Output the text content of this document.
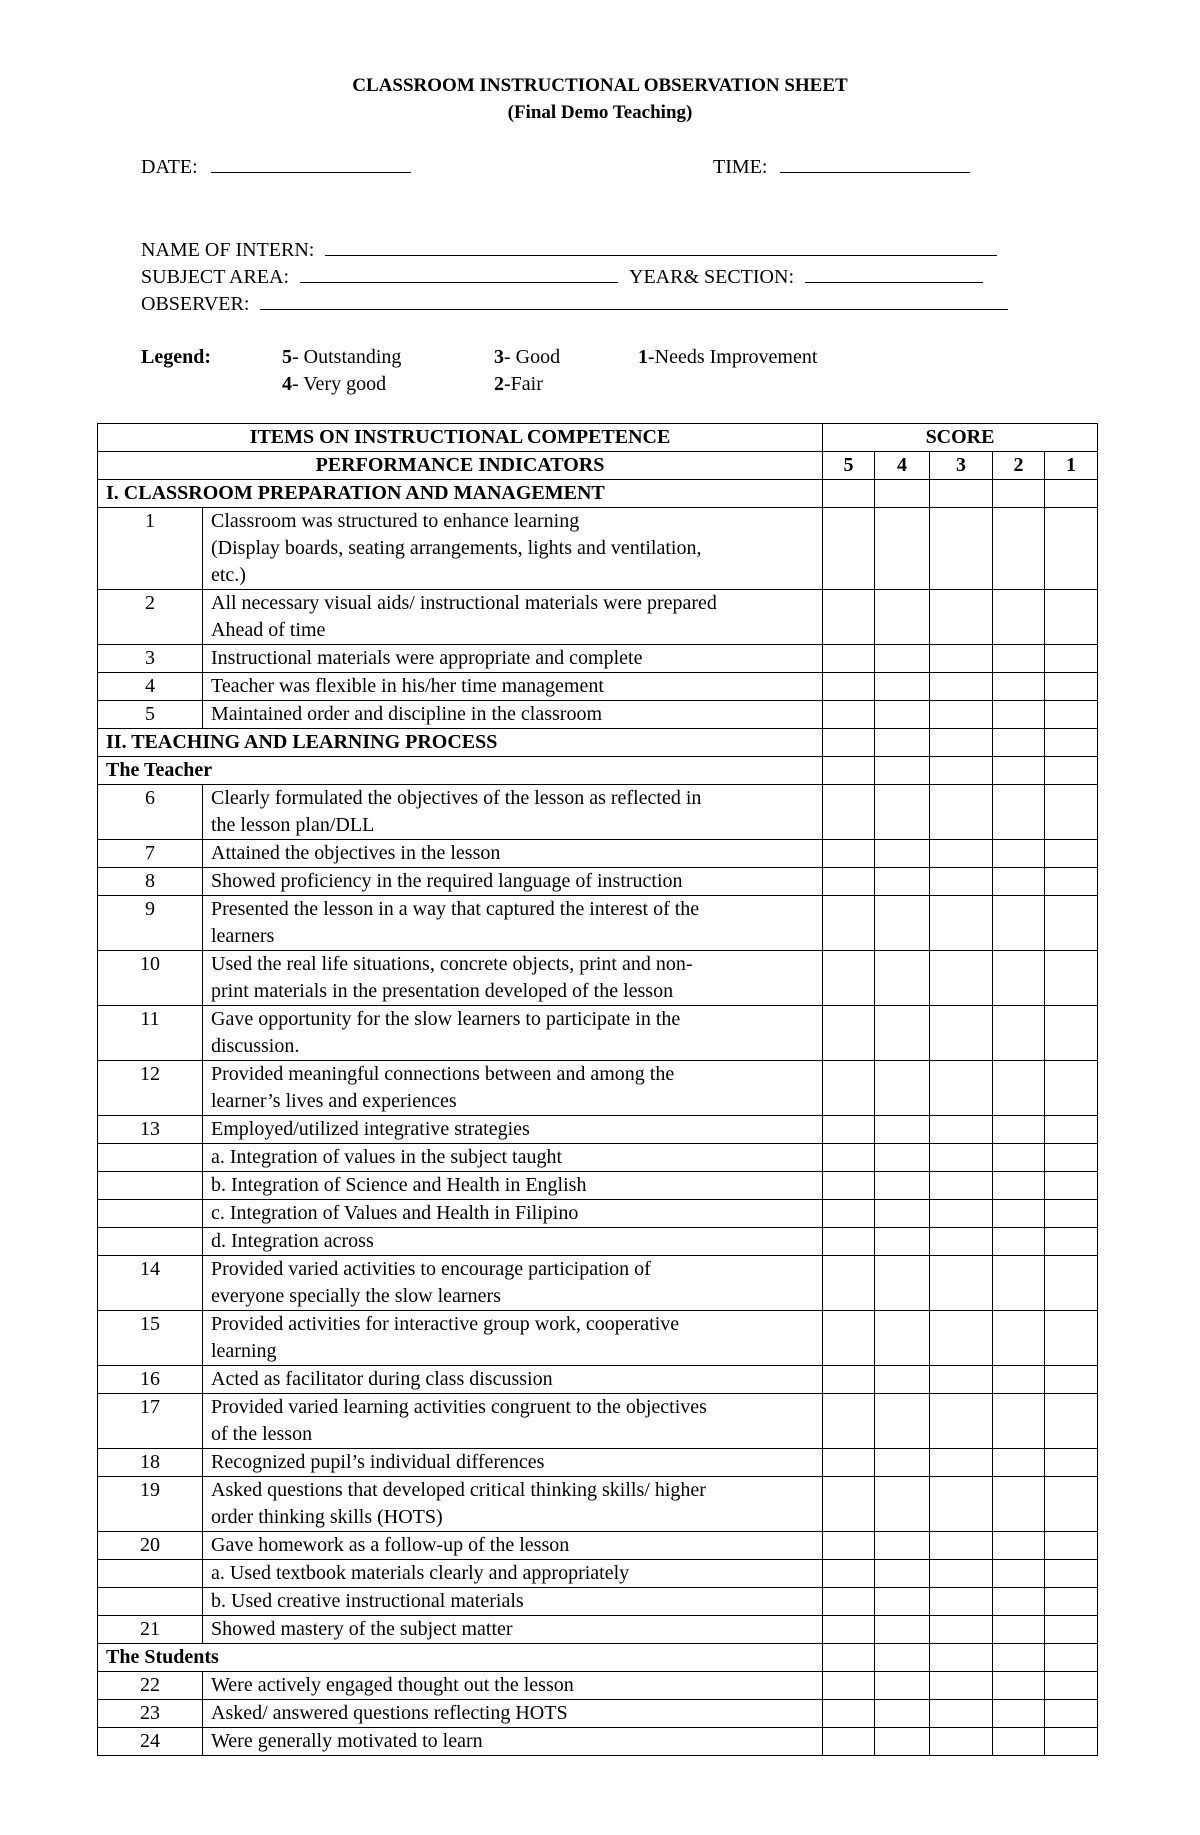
CLASSROOM INSTRUCTIONAL OBSERVATION SHEET
(Final Demo Teaching)
DATE:	TIME:
NAME OF INTERN:
SUBJECT AREA:	YEAR& SECTION:
OBSERVER:
Legend:	5- Outstanding
4- Very good
3- Good
2-Fair
1-Needs Improvement
ITEMS ON INSTRUCTIONAL COMPETENCE		SCORE				
PERFORMANCE INDICATORS		5	4	3	2	1
I. CLASSROOM PREPARATION AND MANAGEMENT						
1	Classroom was structured to enhance learning
(Display boards, seating arrangements, lights and ventilation,
etc.)					

2	All necessary visual aids/ instructional materials were prepared
Ahead of time					

3	Instructional materials were appropriate and complete					

4	Teacher was flexible in his/her time management					

5	Maintained order and discipline in the classroom					

II. TEACHING AND LEARNING PROCESS						
The Teacher						
6	Clearly formulated the objectives of the lesson as reflected in
the lesson plan/DLL					

7	Attained the objectives in the lesson					

8	Showed proficiency in the required language of instruction					

9	Presented the lesson in a way that captured the interest of the
learners					

10	Used the real life situations, concrete objects, print and non-
print materials in the presentation developed of the lesson					

11	Gave opportunity for the slow learners to participate in the
discussion.					

12	Provided meaningful connections between and among the
learner’s lives and experiences					

13	Employed/utilized integrative strategies					

	a. Integration of values in the subject taught					

	b. Integration of Science and Health in English					

	c. Integration of Values and Health in Filipino					

	d. Integration across					

14	Provided varied activities to encourage participation of
everyone specially the slow learners					

15	Provided activities for interactive group work, cooperative
learning					

16	Acted as facilitator during class discussion					

17	Provided varied learning activities congruent to the objectives
of the lesson					

18	Recognized pupil’s individual differences					

19	Asked questions that developed critical thinking skills/ higher
order thinking skills (HOTS)					

20	Gave homework as a follow-up of the lesson					

	a. Used textbook materials clearly and appropriately					

	b. Used creative instructional materials					

21	Showed mastery of the subject matter					

The Students						
22	Were actively engaged thought out the lesson					

23	Asked/ answered questions reflecting HOTS					

24	Were generally motivated to learn					
